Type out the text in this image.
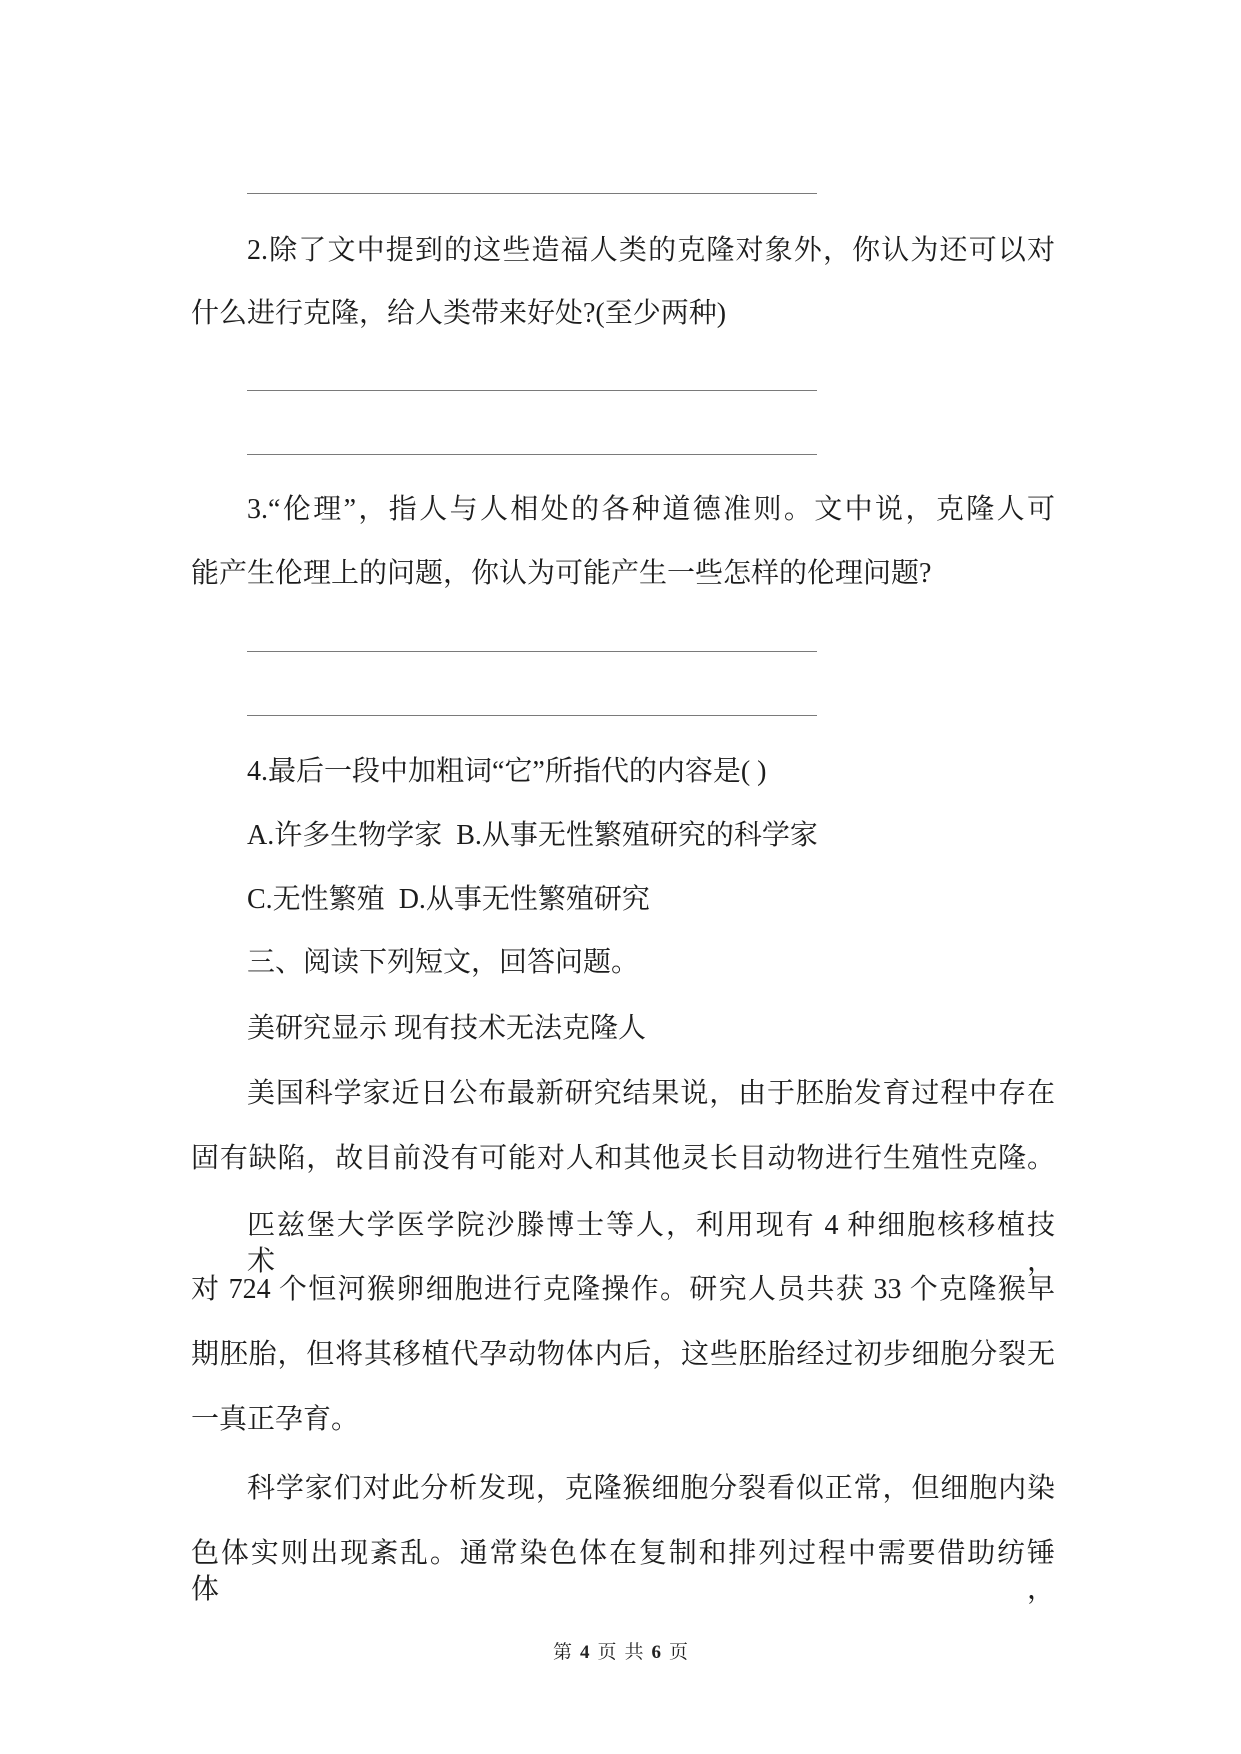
2.除了文中提到的这些造福人类的克隆对象外，你认为还可以对
什么进行克隆，给人类带来好处?(至少两种)
3.“伦理”，指人与人相处的各种道德准则。文中说，克隆人可
能产生伦理上的问题，你认为可能产生一些怎样的伦理问题?
4.最后一段中加粗词“它”所指代的内容是( )
A.许多生物学家 B.从事无性繁殖研究的科学家
C.无性繁殖 D.从事无性繁殖研究
三、阅读下列短文，回答问题。
美研究显示 现有技术无法克隆人
美国科学家近日公布最新研究结果说，由于胚胎发育过程中存在
固有缺陷，故目前没有可能对人和其他灵长目动物进行生殖性克隆。
匹兹堡大学医学院沙滕博士等人，利用现有 4 种细胞核移植技术，
对 724 个恒河猴卵细胞进行克隆操作。研究人员共获 33 个克隆猴早
期胚胎，但将其移植代孕动物体内后，这些胚胎经过初步细胞分裂无
一真正孕育。
科学家们对此分析发现，克隆猴细胞分裂看似正常，但细胞内染
色体实则出现紊乱。通常染色体在复制和排列过程中需要借助纺锤体，
第 4 页 共 6 页
